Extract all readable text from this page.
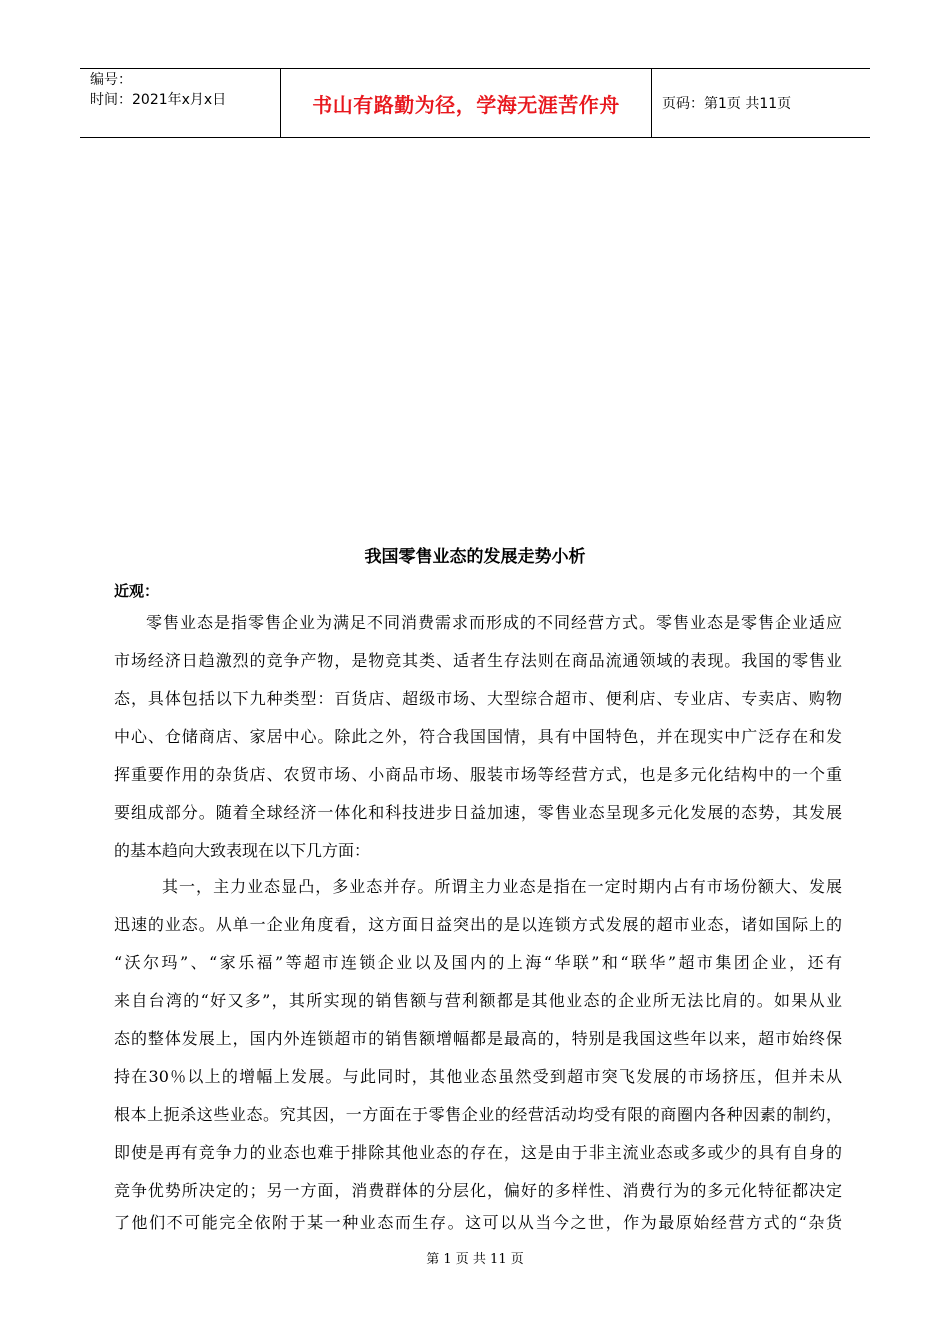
编号：
时间：2021年x月x日	书山有路勤为径，学海无涯苦作舟	页码：第1页 共11页
我国零售业态的发展走势小析
近观：
零售业态是指零售企业为满足不同消费需求而形成的不同经营方式。零售业态是零售企业适应
市场经济日趋激烈的竞争产物，是物竞其类、适者生存法则在商品流通领域的表现。我国的零售业
态，具体包括以下九种类型：百货店、超级市场、大型综合超市、便利店、专业店、专卖店、购物
中心、仓储商店、家居中心。除此之外，符合我国国情，具有中国特色，并在现实中广泛存在和发
挥重要作用的杂货店、农贸市场、小商品市场、服装市场等经营方式，也是多元化结构中的一个重
要组成部分。随着全球经济一体化和科技进步日益加速，零售业态呈现多元化发展的态势，其发展
的基本趋向大致表现在以下几方面：
其一，主力业态显凸，多业态并存。所谓主力业态是指在一定时期内占有市场份额大、发展
迅速的业态。从单一企业角度看，这方面日益突出的是以连锁方式发展的超市业态，诸如国际上的
“沃尔玛”、“家乐福”等超市连锁企业以及国内的上海“华联”和“联华”超市集团企业，还有
来自台湾的“好又多”，其所实现的销售额与营利额都是其他业态的企业所无法比肩的。如果从业
态的整体发展上，国内外连锁超市的销售额增幅都是最高的，特别是我国这些年以来，超市始终保
持在30％以上的增幅上发展。与此同时，其他业态虽然受到超市突飞发展的市场挤压，但并未从
根本上扼杀这些业态。究其因，一方面在于零售企业的经营活动均受有限的商圈内各种因素的制约，
即使是再有竞争力的业态也难于排除其他业态的存在，这是由于非主流业态或多或少的具有自身的
竞争优势所决定的；另一方面，消费群体的分层化，偏好的多样性、消费行为的多元化特征都决定
了他们不可能完全依附于某一种业态而生存。这可以从当今之世，作为最原始经营方式的“杂货
第 1 页 共 11 页
